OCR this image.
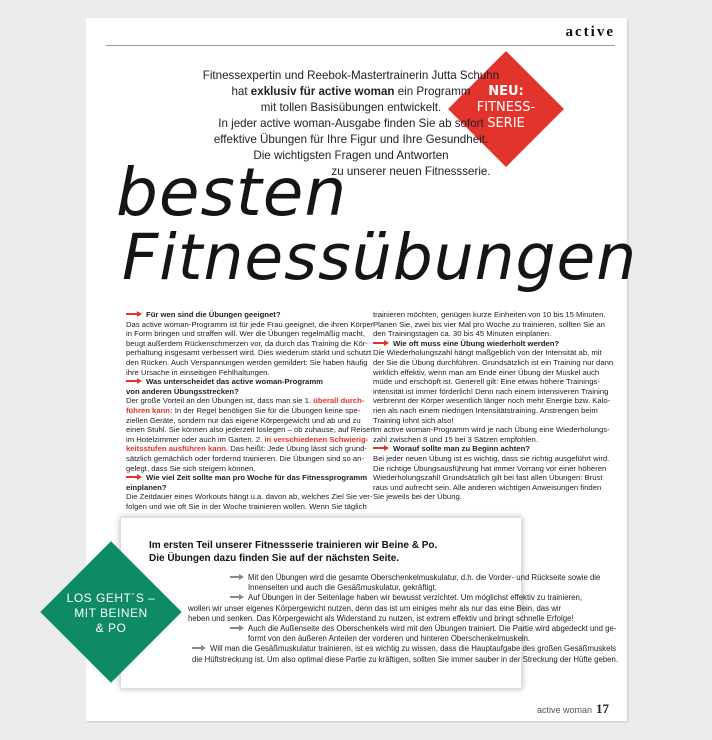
active
NEU:
FITNESS-
SERIE
Fitnessexpertin und Reebok-Mastertrainerin Jutta Schuhn
hat exklusiv für active woman ein Programm
mit tollen Basisübungen entwickelt.
In jeder active woman-Ausgabe finden Sie ab sofort
effektive Übungen für Ihre Figur und Ihre Gesundheit.
Die wichtigsten Fragen und Antworten
zu unserer neuen Fitnessserie.
besten
Fitnessübungen
Für wen sind die Übungen geeignet?
Das active woman-Programm ist für jede Frau geeignet, die ihren Körper
in Form bringen und straffen will. Wer die Übungen regelmäßig macht,
beugt außerdem Rückenschmerzen vor, da durch das Training die Kör-
perhaltung insgesamt verbessert wird. Dies wiederum stärkt und schutzt
den Rücken. Auch Verspannungen werden gemildert: Sie haben häufig
ihre Ursache in einseitigen Fehlhaltungen.
Was unterscheidet das active woman-Programm
von anderen Übungsstrecken?
Der große Vorteil an den Übungen ist, dass man sie 1. überall durch-
führen kann: In der Regel benötigen Sie für die Übungen keine spe-
ziellen Geräte, sondern nur das eigene Körpergewicht und ab und zu
einen Stuhl. Sie können also jederzeit loslegen – ob zuhause, auf Reisen
im Hotelzimmer oder auch im Garten. 2. in verschiedenen Schwierig-
keitsstufen ausführen kann. Das heißt: Jede Übung lässt sich grund-
sätzlich gemächlich oder fordernd trainieren. Die Übungen sind so an-
gelegt, dass Sie sich steigern können.
Wie viel Zeit sollte man pro Woche für das Fitnessprogramm
einplanen?
Die Zeitdauer eines Workouts hängt u.a. davon ab, welches Ziel Sie ver-
folgen und wie oft Sie in der Woche trainieren wollen. Wenn Sie täglich
trainieren möchten, genügen kurze Einheiten von 10 bis 15 Minuten.
Planen Sie, zwei bis vier Mal pro Woche zu trainieren, sollten Sie an
den Trainingstagen ca. 30 bis 45 Minuten einplanen.
Wie oft muss eine Übung wiederholt werden?
Die Wiederholungszahl hängt maßgeblich von der Intensität ab, mit
der Sie die Übung durchführen. Grundsätzlich ist ein Training nur dann
wirklich effektiv, wenn man am Ende einer Übung der Muskel auch
müde und erschöpft ist. Generell gilt: Eine etwas höhere Trainings-
intensität ist immer förderlich! Denn nach einem intensiveren Training
verbrennt der Körper wesentlich länger noch mehr Energie bzw. Kalo-
rien als nach einem niedrigen Intensitätstraining. Anstrengen beim
Training lohnt sich also!
Im active woman-Programm wird je nach Übung eine Wiederholungs-
zahl zwischen 8 und 15 bei 3 Sätzen empfohlen.
Worauf sollte man zu Beginn achten?
Bei jeder neuen Übung ist es wichtig, dass sie richtig ausgeführt wird.
Die richtige Übungsausführung hat immer Vorrang vor einer höheren
Wiederholungszahl! Grundsätzlich gilt bei fast allen Übungen: Brust
raus und aufrecht sein. Alle anderen wichtigen Anweisungen finden
Sie jeweils bei der Übung.
active woman 17
Im ersten Teil unserer Fitnessserie trainieren wir Beine & Po.
Die Übungen dazu finden Sie auf der nächsten Seite.
Mit den Übungen wird die gesamte Oberschenkelmuskulatur, d.h. die Vorder- und Rückseite sowie die
Innenseiten und auch die Gesäßmuskulatur, gekräftigt.
Auf Übungen in der Seitenlage haben wir bewusst verzichtet. Um möglichst effektiv zu trainieren,
wollen wir unser eigenes Körpergewicht nutzen, denn das ist um einiges mehr als nur das eine Bein, das wir
heben und senken. Das Körpergewicht als Widerstand zu nutzen, ist extrem effektiv und bringt schnelle Erfolge!
Auch die Außenseite des Oberschenkels wird mit den Übungen trainiert. Die Partie wird abgedeckt und ge-
formt von den äußeren Anteilen der vorderen und hinteren Oberschenkelmuskeln.
Will man die Gesäßmuskulatur trainieren, ist es wichtig zu wissen, dass die Hauptaufgabe des großen Gesäßmuskels
die Hüftstreckung ist. Um also optimal diese Partie zu kräftigen, sollten Sie immer sauber in der Streckung der Hüfte geben.
LOS GEHT´S –
MIT BEINEN
& PO
